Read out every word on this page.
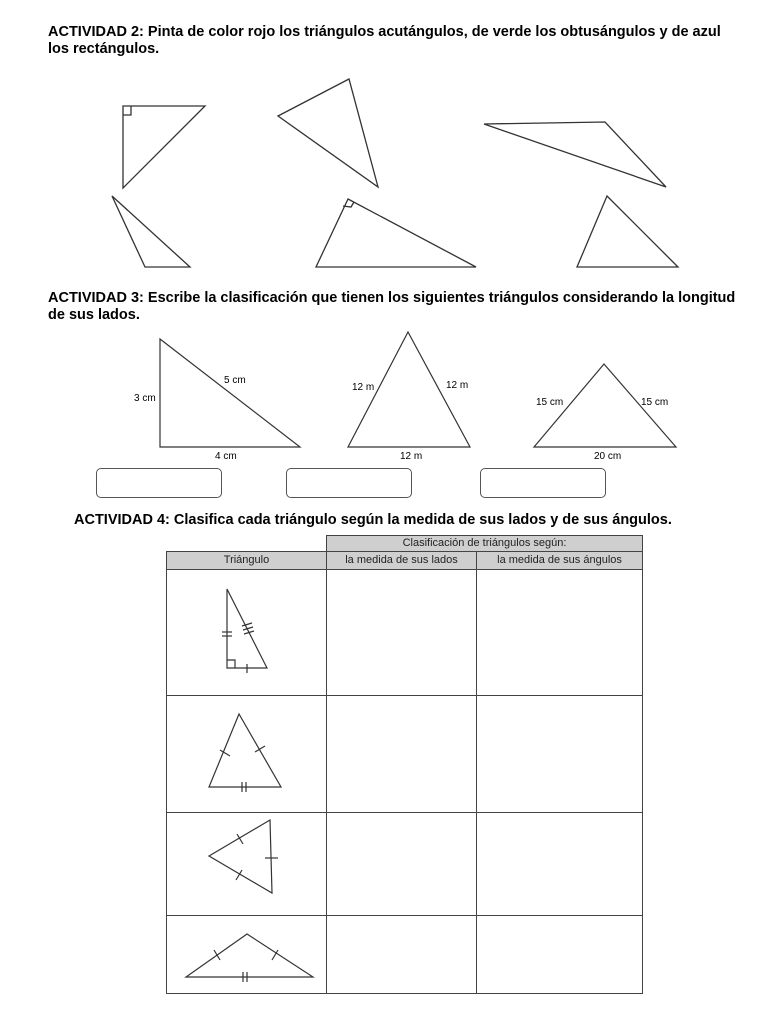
ACTIVIDAD 2: Pinta de color rojo los triángulos acutángulos, de verde los obtusángulos y de azul los rectángulos.
ACTIVIDAD 3: Escribe la clasificación que tienen los siguientes triángulos considerando la longitud de sus lados.
3 cm
5 cm
4 cm
12 m	12 m
12 m
15 cm	15 cm
20 cm
ACTIVIDAD 4: Clasifica cada triángulo según la medida de sus lados y de sus ángulos.
Clasificación de triángulos según:
Triángulo	la medida de sus lados	la medida de sus ángulos
